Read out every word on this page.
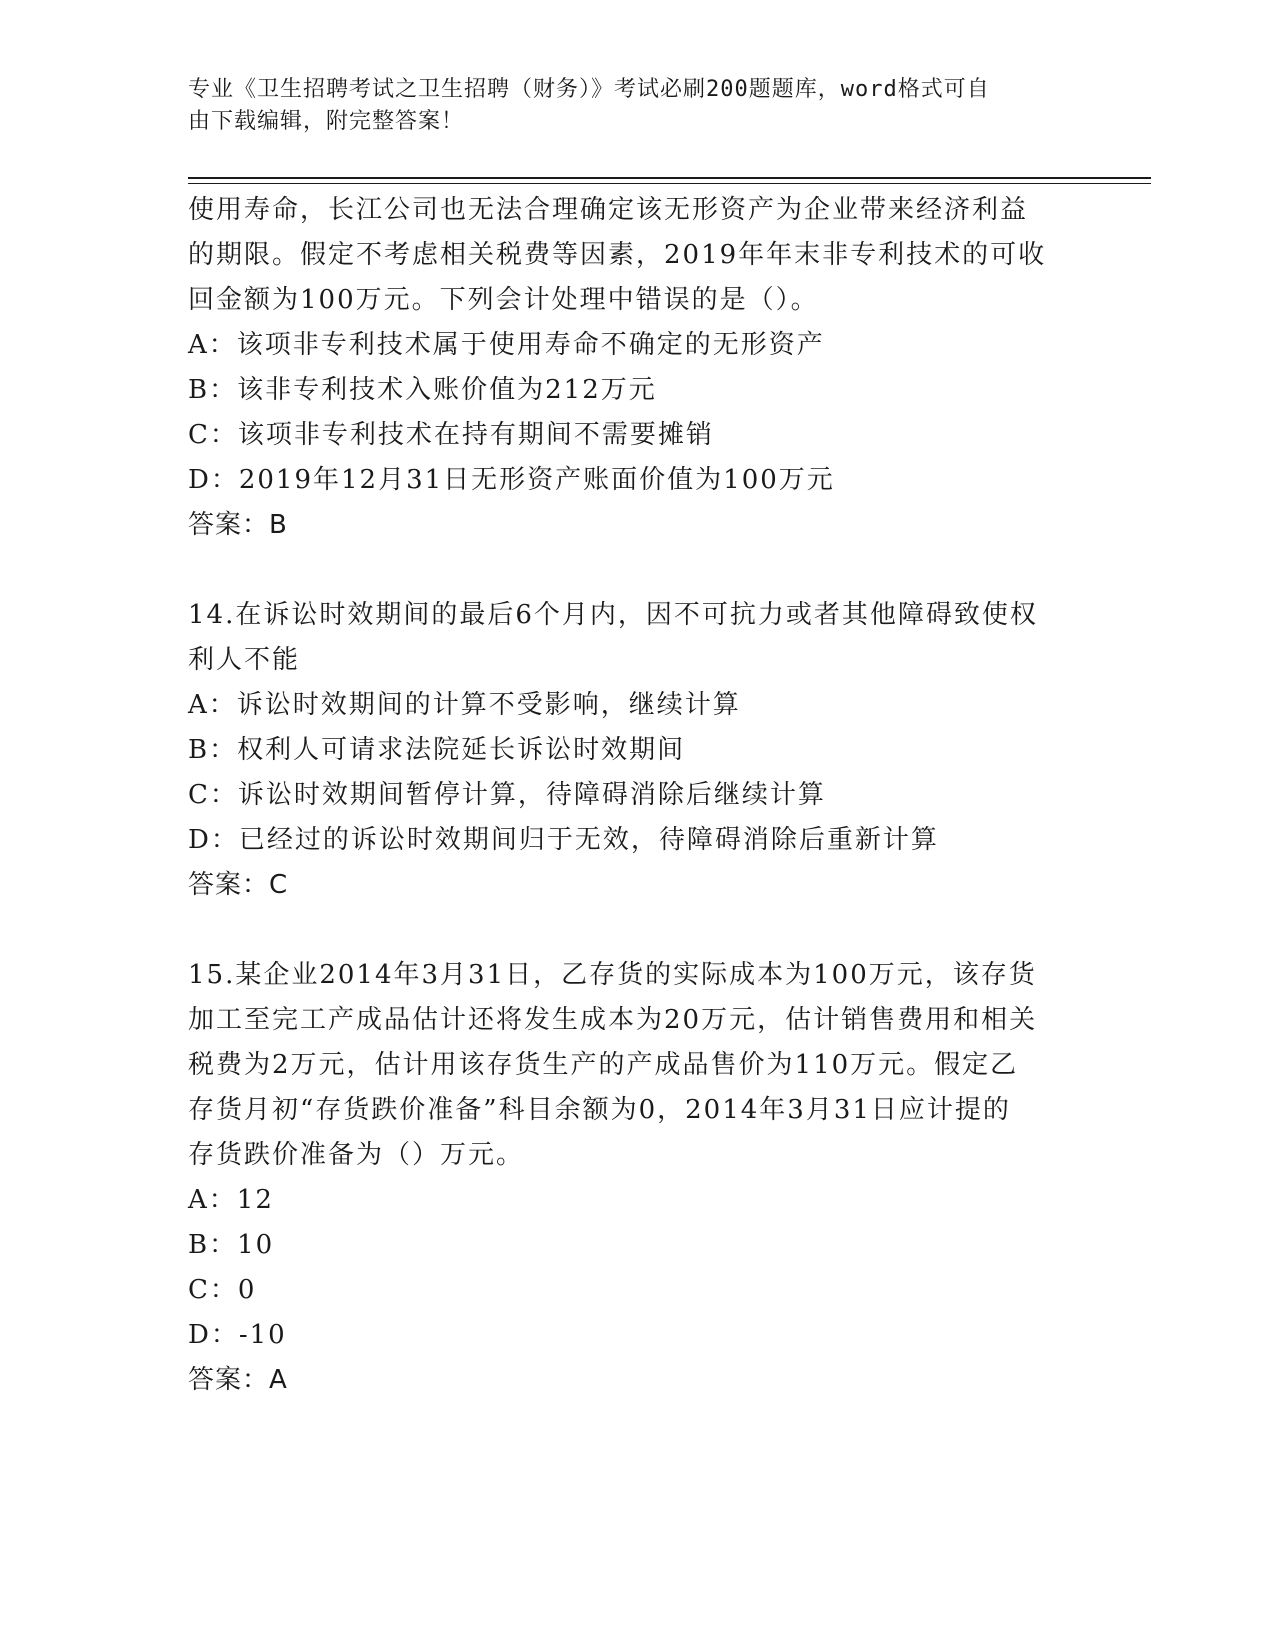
专业《卫生招聘考试之卫生招聘（财务）》考试必刷200题题库，word格式可自
由下载编辑，附完整答案！

使用寿命，长江公司也无法合理确定该无形资产为企业带来经济利益

的期限。假定不考虑相关税费等因素，2019年年末非专利技术的可收

回金额为100万元。下列会计处理中错误的是（）。

A：该项非专利技术属于使用寿命不确定的无形资产

B：该非专利技术入账价值为212万元

C：该项非专利技术在持有期间不需要摊销

D：2019年12月31日无形资产账面价值为100万元

答案：B

14.在诉讼时效期间的最后6个月内，因不可抗力或者其他障碍致使权

利人不能

A：诉讼时效期间的计算不受影响，继续计算

B：权利人可请求法院延长诉讼时效期间

C：诉讼时效期间暂停计算，待障碍消除后继续计算

D：已经过的诉讼时效期间归于无效，待障碍消除后重新计算

答案：C

15.某企业2014年3月31日，乙存货的实际成本为100万元，该存货

加工至完工产成品估计还将发生成本为20万元，估计销售费用和相关

税费为2万元，估计用该存货生产的产成品售价为110万元。假定乙

存货月初“存货跌价准备”科目余额为0，2014年3月31日应计提的

存货跌价准备为（）万元。

A：12

B：10

C：0

D：-10

答案：A
